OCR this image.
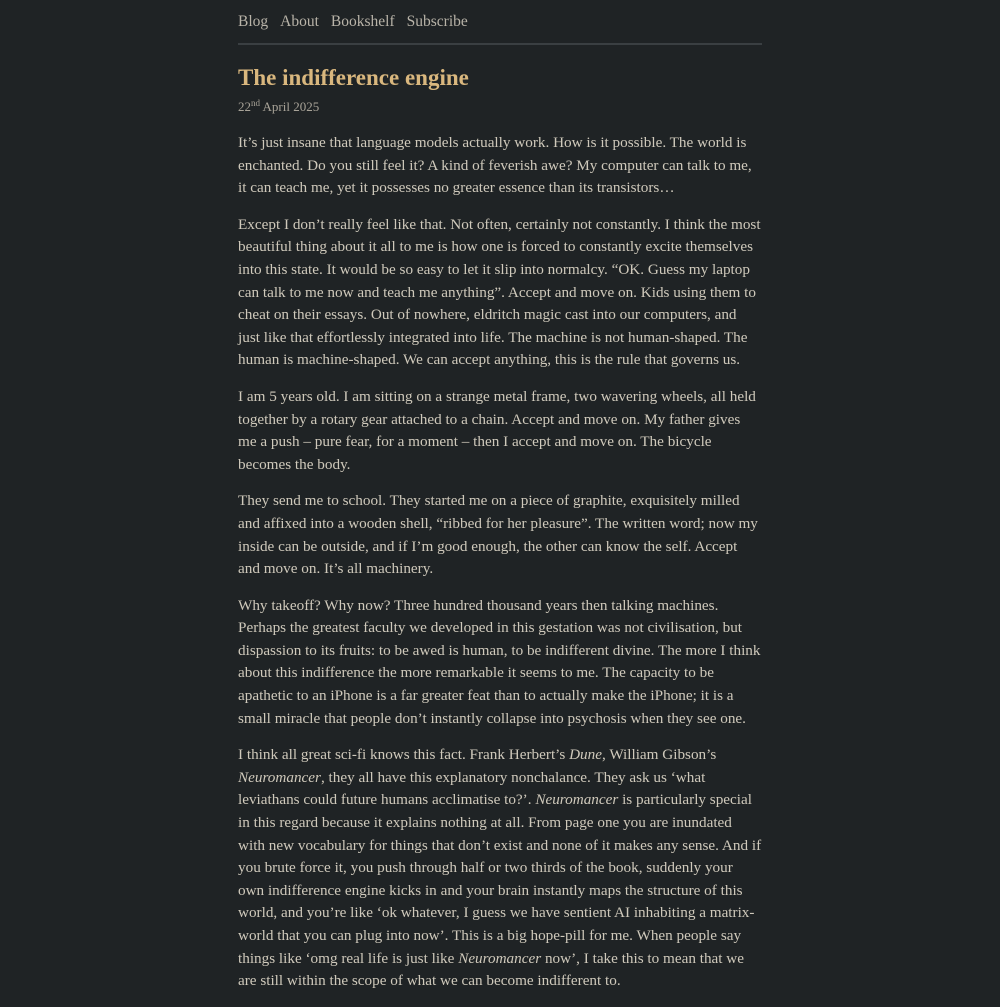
Blog About Bookshelf Subscribe
The indifference engine
22nd April 2025

It’s just insane that language models actually work. How is it possible. The world is enchanted. Do you still feel it? A kind of feverish awe? My computer can talk to me, it can teach me, yet it possesses no greater essence than its transistors…

Except I don’t really feel like that. Not often, certainly not constantly. I think the most beautiful thing about it all to me is how one is forced to constantly excite themselves into this state. It would be so easy to let it slip into normalcy. “OK. Guess my laptop can talk to me now and teach me anything”. Accept and move on. Kids using them to cheat on their essays. Out of nowhere, eldritch magic cast into our computers, and just like that effortlessly integrated into life. The machine is not human-shaped. The human is machine-shaped. We can accept anything, this is the rule that governs us.

I am 5 years old. I am sitting on a strange metal frame, two wavering wheels, all held together by a rotary gear attached to a chain. Accept and move on. My father gives me a push – pure fear, for a moment – then I accept and move on. The bicycle becomes the body.

They send me to school. They started me on a piece of graphite, exquisitely milled and affixed into a wooden shell, “ribbed for her pleasure”. The written word; now my inside can be outside, and if I’m good enough, the other can know the self. Accept and move on. It’s all machinery.

Why takeoff? Why now? Three hundred thousand years then talking machines. Perhaps the greatest faculty we developed in this gestation was not civilisation, but dispassion to its fruits: to be awed is human, to be indifferent divine. The more I think about this indifference the more remarkable it seems to me. The capacity to be apathetic to an iPhone is a far greater feat than to actually make the iPhone; it is a small miracle that people don’t instantly collapse into psychosis when they see one.

I think all great sci-fi knows this fact. Frank Herbert’s Dune, William Gibson’s Neuromancer, they all have this explanatory nonchalance. They ask us ‘what leviathans could future humans acclimatise to?’. Neuromancer is particularly special in this regard because it explains nothing at all. From page one you are inundated with new vocabulary for things that don’t exist and none of it makes any sense. And if you brute force it, you push through half or two thirds of the book, suddenly your own indifference engine kicks in and your brain instantly maps the structure of this world, and you’re like ‘ok whatever, I guess we have sentient AI inhabiting a matrix-world that you can plug into now’. This is a big hope-pill for me. When people say things like ‘omg real life is just like Neuromancer now’, I take this to mean that we are still within the scope of what we can become indifferent to.
